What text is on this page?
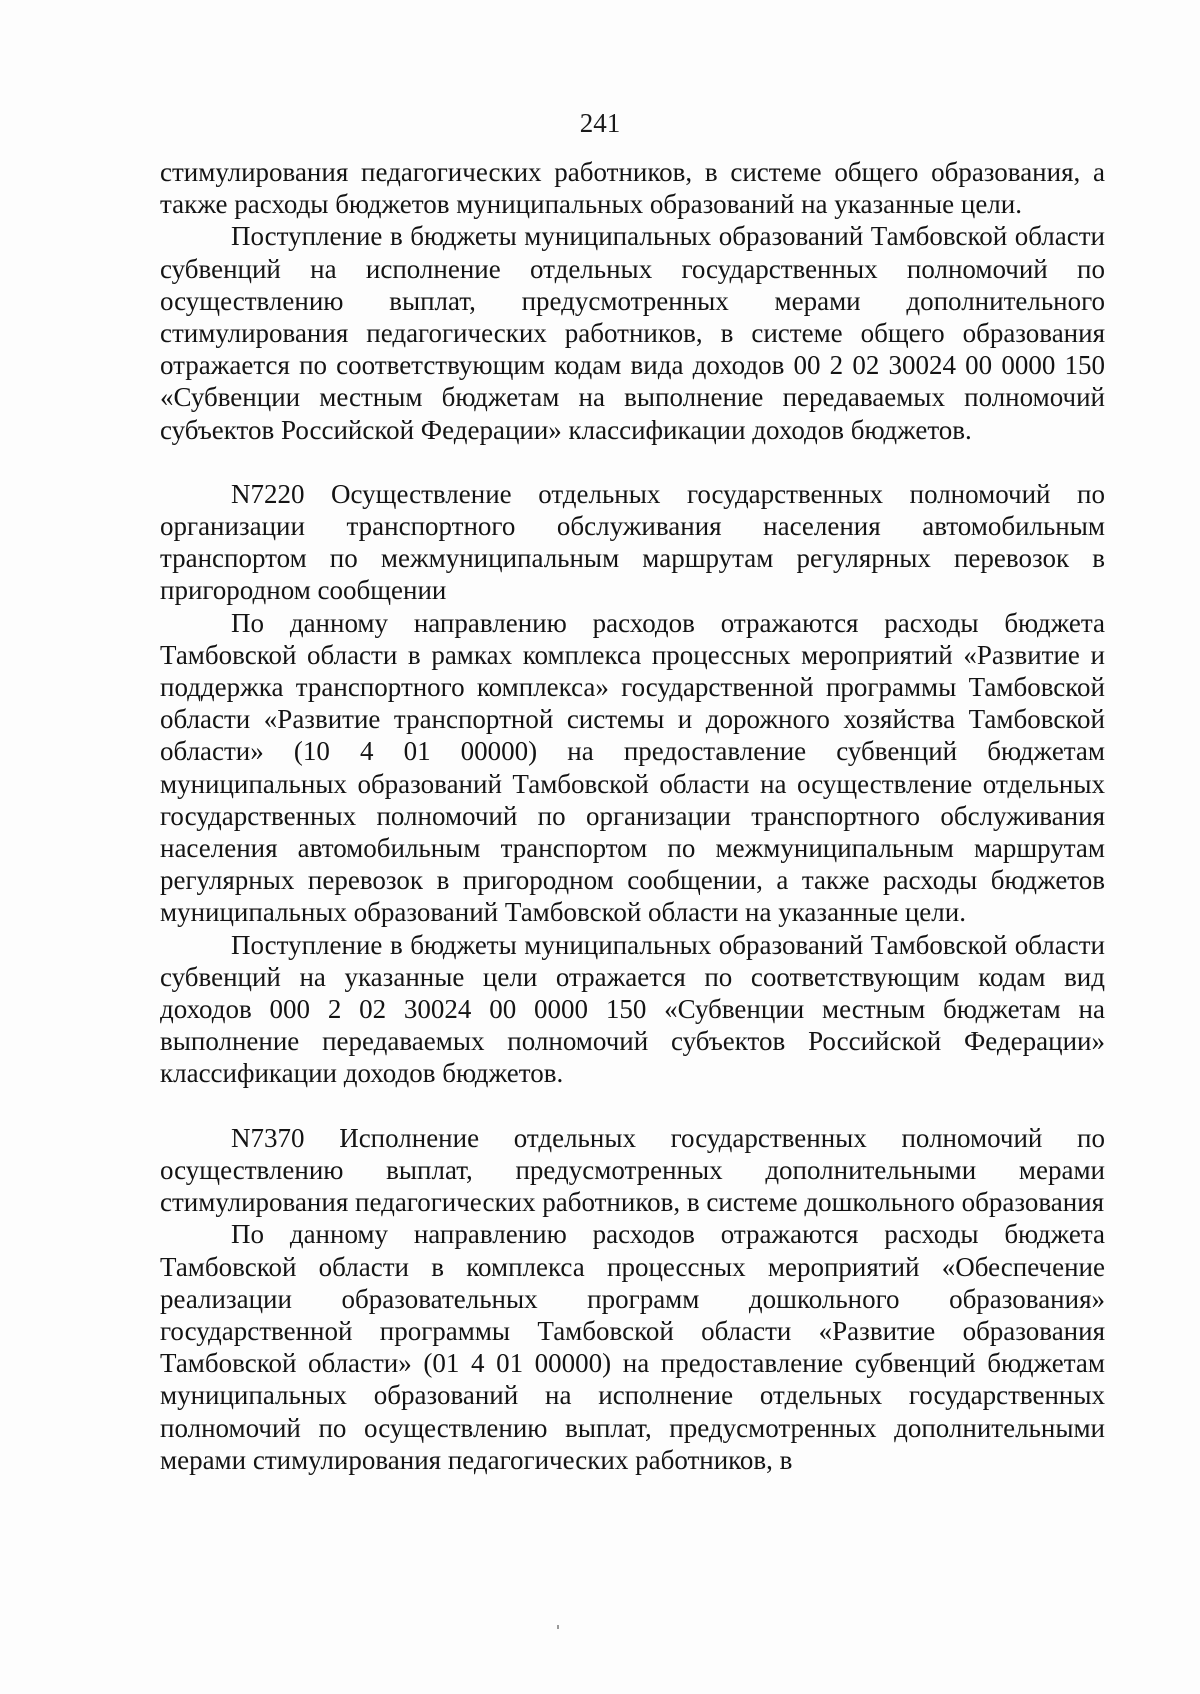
241

стимулирования педагогических работников, в системе общего образования, а также расходы бюджетов муниципальных образований на указанные цели.

Поступление в бюджеты муниципальных образований Тамбовской области субвенций на исполнение отдельных государственных полномочий по осуществлению выплат, предусмотренных мерами дополнительного стимулирования педагогических работников, в системе общего образования отражается по соответствующим кодам вида доходов 00 2 02 30024 00 0000 150 «Субвенции местным бюджетам на выполнение передаваемых полномочий субъектов Российской Федерации» классификации доходов бюджетов.

N7220 Осуществление отдельных государственных полномочий по организации транспортного обслуживания населения автомобильным транспортом по межмуниципальным маршрутам регулярных перевозок в пригородном сообщении

По данному направлению расходов отражаются расходы бюджета Тамбовской области в рамках комплекса процессных мероприятий «Развитие и поддержка транспортного комплекса» государственной программы Тамбовской области «Развитие транспортной системы и дорожного хозяйства Тамбовской области» (10 4 01 00000) на предоставление субвенций бюджетам муниципальных образований Тамбовской области на осуществление отдельных государственных полномочий по организации транспортного обслуживания населения автомобильным транспортом по межмуниципальным маршрутам регулярных перевозок в пригородном сообщении, а также расходы бюджетов муниципальных образований Тамбовской области на указанные цели.

Поступление в бюджеты муниципальных образований Тамбовской области субвенций на указанные цели отражается по соответствующим кодам вид доходов 000 2 02 30024 00 0000 150 «Субвенции местным бюджетам на выполнение передаваемых полномочий субъектов Российской Федерации» классификации доходов бюджетов.

N7370 Исполнение отдельных государственных полномочий по осуществлению выплат, предусмотренных дополнительными мерами стимулирования педагогических работников, в системе дошкольного образования

По данному направлению расходов отражаются расходы бюджета Тамбовской области в комплекса процессных мероприятий «Обеспечение реализации образовательных программ дошкольного образования» государственной программы Тамбовской области «Развитие образования Тамбовской области» (01 4 01 00000) на предоставление субвенций бюджетам муниципальных образований на исполнение отдельных государственных полномочий по осуществлению выплат, предусмотренных дополнительными мерами стимулирования педагогических работников, в
